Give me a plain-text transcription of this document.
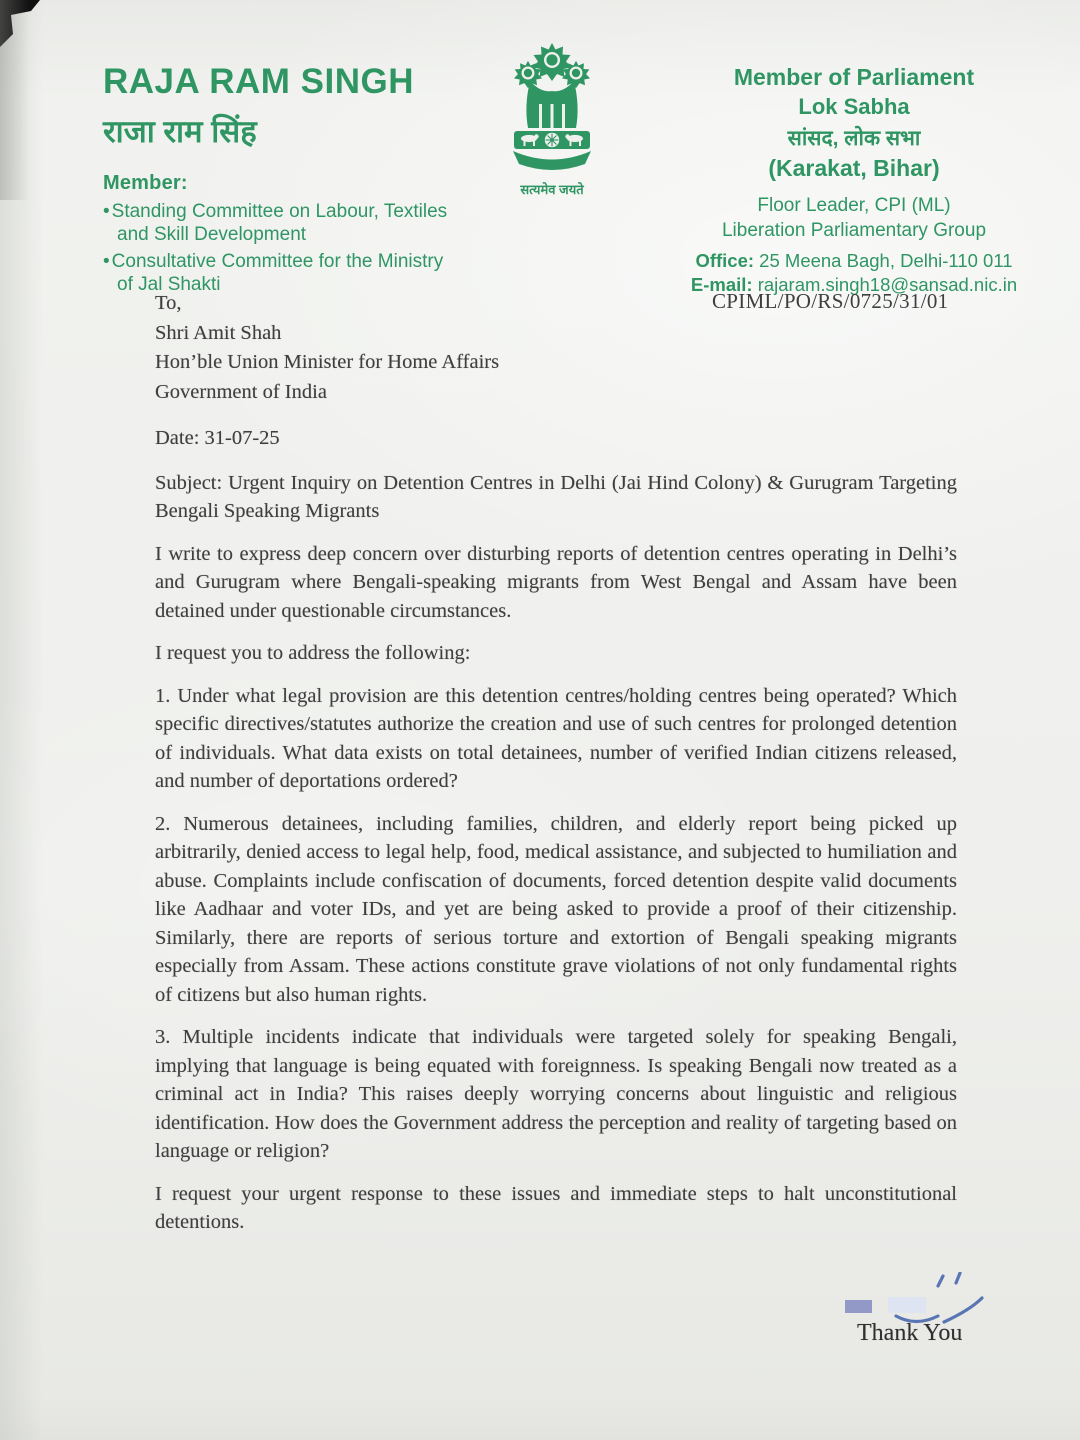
RAJA RAM SINGH
राजा राम सिंह
Member:
• Standing Committee on Labour, Textiles and Skill Development
• Consultative Committee for the Ministry of Jal Shakti
सत्यमेव जयते
Member of Parliament
Lok Sabha
सांसद, लोक सभा
(Karakat, Bihar)
Floor Leader, CPI (ML)
Liberation Parliamentary Group
Office: 25 Meena Bagh, Delhi-110 011
E-mail: rajaram.singh18@sansad.nic.in
CPIML/PO/RS/0725/31/01
To,
Shri Amit Shah
Hon’ble Union Minister for Home Affairs
Government of India
Date: 31-07-25

Subject: Urgent Inquiry on Detention Centres in Delhi (Jai Hind Colony) & Gurugram Targeting Bengali Speaking Migrants

I write to express deep concern over disturbing reports of detention centres operating in Delhi’s and Gurugram where Bengali-speaking migrants from West Bengal and Assam have been detained under questionable circumstances.

I request you to address the following:

1. Under what legal provision are this detention centres/holding centres being operated? Which specific directives/statutes authorize the creation and use of such centres for prolonged detention of individuals. What data exists on total detainees, number of verified Indian citizens released, and number of deportations ordered?

2. Numerous detainees, including families, children, and elderly report being picked up arbitrarily, denied access to legal help, food, medical assistance, and subjected to humiliation and abuse. Complaints include confiscation of documents, forced detention despite valid documents like Aadhaar and voter IDs, and yet are being asked to provide a proof of their citizenship. Similarly, there are reports of serious torture and extortion of Bengali speaking migrants especially from Assam. These actions constitute grave violations of not only fundamental rights of citizens but also human rights.

3. Multiple incidents indicate that individuals were targeted solely for speaking Bengali, implying that language is being equated with foreignness. Is speaking Bengali now treated as a criminal act in India? This raises deeply worrying concerns about linguistic and religious identification. How does the Government address the perception and reality of targeting based on language or religion?

I request your urgent response to these issues and immediate steps to halt unconstitutional detentions.

Thank You
